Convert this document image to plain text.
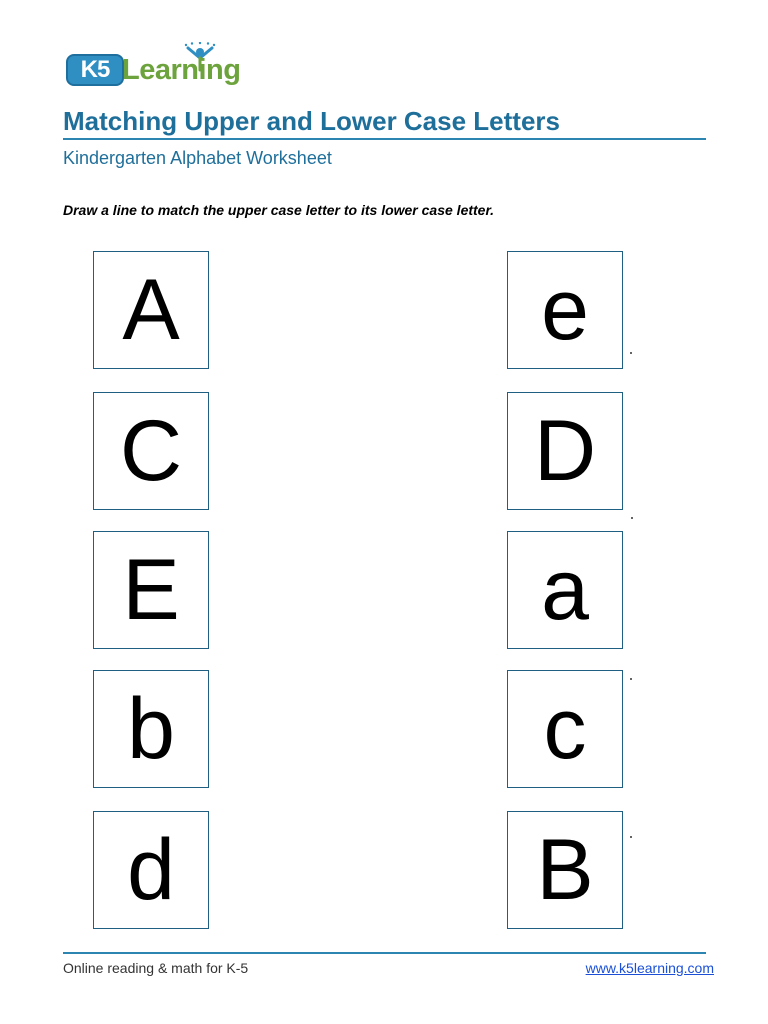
K5 Learning
Matching Upper and Lower Case Letters
Kindergarten Alphabet Worksheet
Draw a line to match the upper case letter to its lower case letter.
A
C
E
b
d
e
D
a
c
B
Online reading & math for K-5	www.k5learning.com
